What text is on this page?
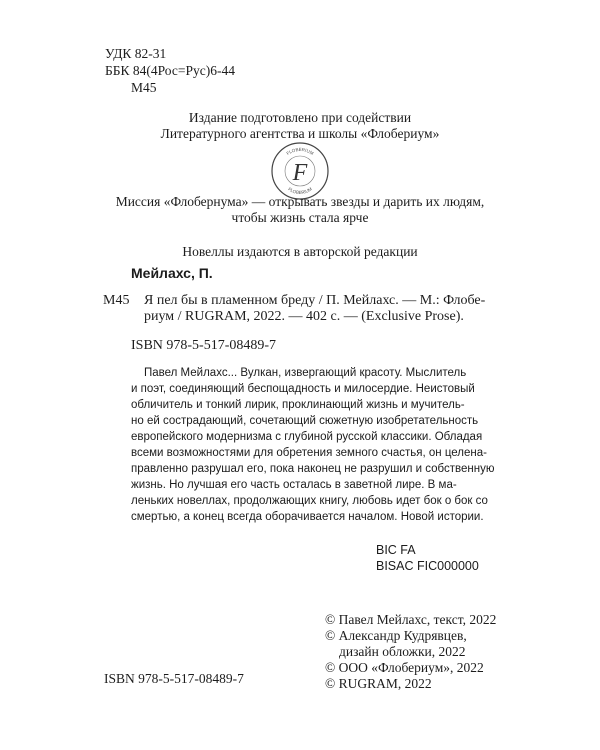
УДК 82-31
ББК 84(4Рос=Рус)6-44
М45
Издание подготовлено при содействии
Литературного агентства и школы «Флобериум»
F
FLOBERIUM
FLOBERIUM
Миссия «Флобернума» — открывать звезды и дарить их людям,
чтобы жизнь стала ярче
Новеллы издаются в авторской редакции
Мейлахс, П.
М45 Я пел бы в пламенном бреду / П. Мейлахс. — М.: Флобе-
риум / RUGRAM, 2022. — 402 с. — (Exclusive Prose).
ISBN 978-5-517-08489-7
Павел Мейлахс... Вулкан, извергающий красоту. Мыслитель
и поэт, соединяющий беспощадность и милосердие. Неистовый
обличитель и тонкий лирик, проклинающий жизнь и мучитель-
но ей сострадающий, сочетающий сюжетную изобретательность
европейского модернизма с глубиной русской классики. Обладая
всеми возможностями для обретения земного счастья, он целена-
правленно разрушал его, пока наконец не разрушил и собственную
жизнь. Но лучшая его часть осталась в заветной лире. В ма-
леньких новеллах, продолжающих книгу, любовь идет бок о бок со
смертью, а конец всегда оборачивается началом. Новой истории.
BIC FA
BISAC FIC000000
© Павел Мейлахс, текст, 2022
© Александр Кудрявцев,
дизайн обложки, 2022
© ООО «Флобериум», 2022
© RUGRAM, 2022
ISBN 978-5-517-08489-7
